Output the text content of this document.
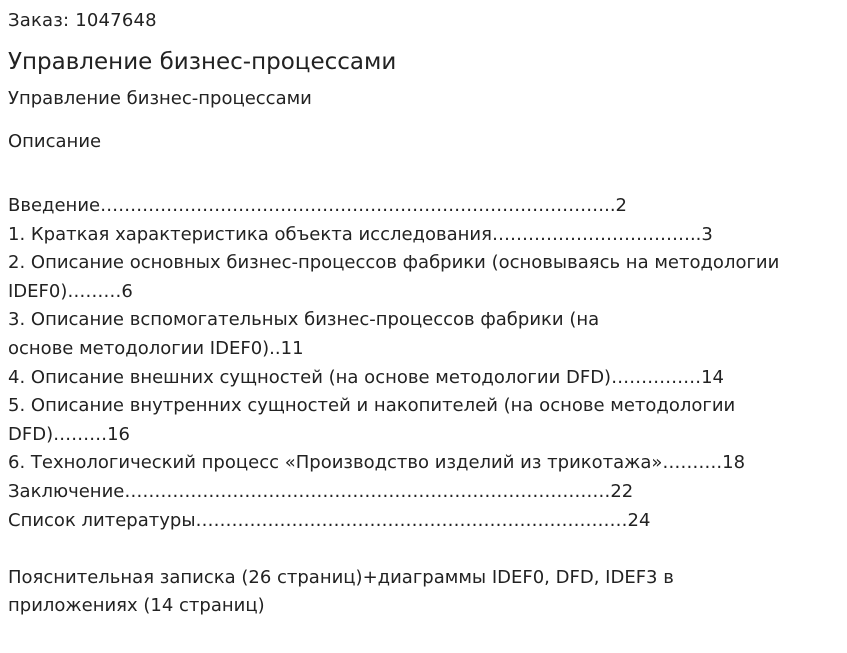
Заказ: 1047648
Управление бизнес-процессами
Управление бизнес-процессами
Описание
Введение…………………………………………………………………………..2
1. Краткая характеристика объекта исследования……………………………..3
2. Описание основных бизнес-процессов фабрики (основываясь на методологии
IDEF0)………6
3. Описание вспомогательных бизнес-процессов фабрики (на
основе методологии IDEF0)..11
4. Описание внешних сущностей (на основе методологии DFD)……………14
5. Описание внутренних сущностей и накопителей (на основе методологии
DFD)………16
6. Технологический процесс «Производство изделий из трикотажа»……….18
Заключение………………………………………………………………………22
Список литературы………………………………………………………………24
Пояснительная записка (26 страниц)+диаграммы IDEF0, DFD, IDEF3 в
приложениях (14 страниц)
